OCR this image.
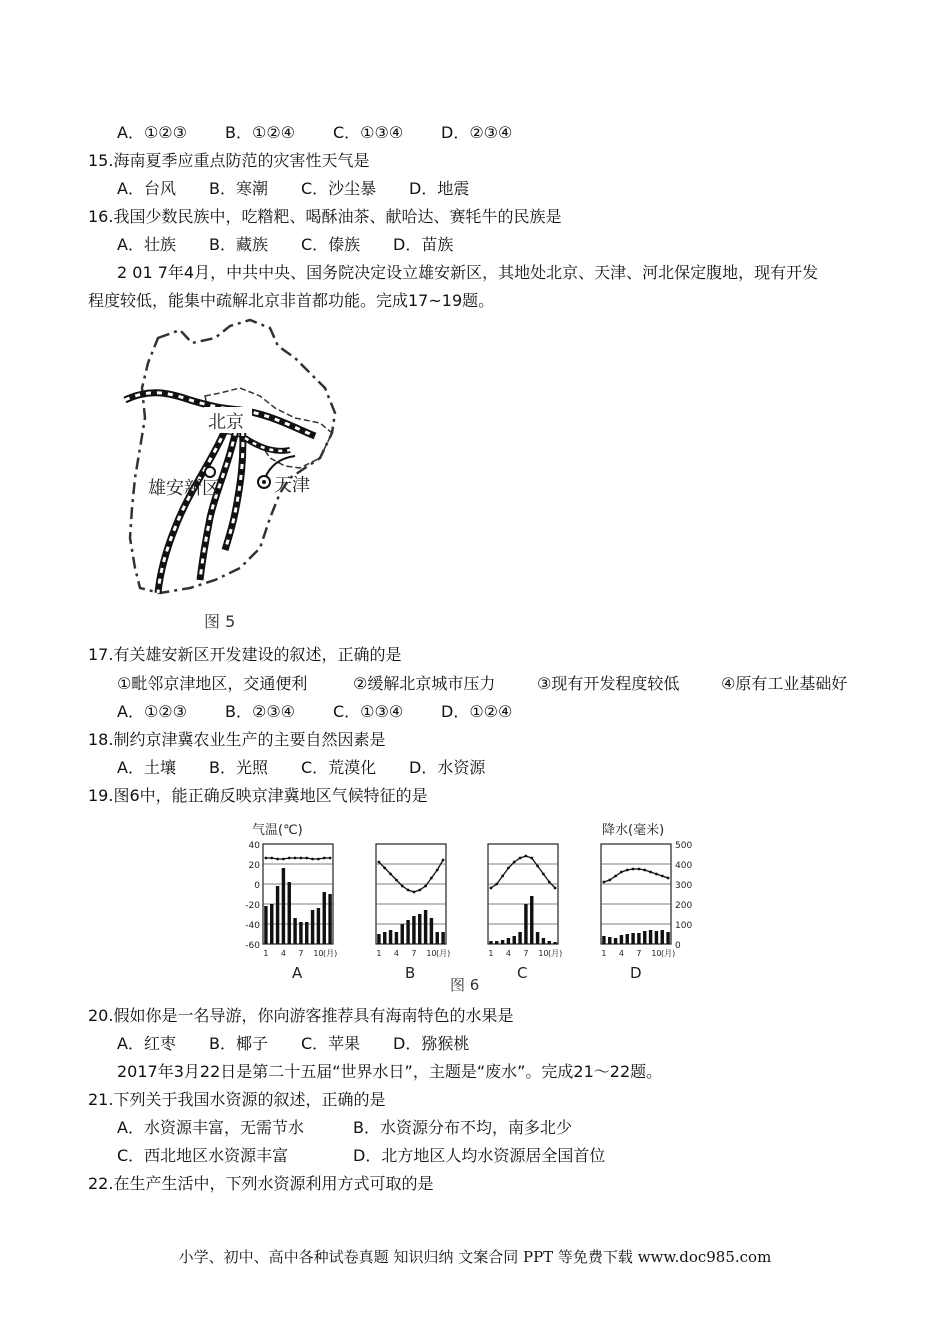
A．①②③ B．①②④ C．①③④ D．②③④
15.海南夏季应重点防范的灾害性天气是
A．台风 B．寒潮 C．沙尘暴 D．地震
16.我国少数民族中，吃糌粑、喝酥油茶、献哈达、赛牦牛的民族是
A．壮族 B．藏族 C．傣族 D．苗族
2 01 7年4月，中共中央、国务院决定设立雄安新区，其地处北京、天津、河北保定腹地，现有开发
程度较低，能集中疏解北京非首都功能。完成17~19题。
北京
雄安新区	天津
图 5
17.有关雄安新区开发建设的叙述，正确的是
①毗邻京津地区，交通便利	②缓解北京城市压力	③现有开发程度较低	④原有工业基础好
A．①②③ B．②③④ C．①③④ D．①②④
18.制约京津冀农业生产的主要自然因素是
A．土壤 B．光照 C．荒漠化 D．水资源
19.图6中，能正确反映京津冀地区气候特征的是
气温(℃)	降水(毫米)
40
20
0
-20
-40
-60
500
400
300
200
100
0
1 4 7 10 (月)
A
1 4 7 10 (月)
B
1 4 7 10 (月)
C
1 4 7 10 (月)
D
图 6
20.假如你是一名导游，你向游客推荐具有海南特色的水果是
A．红枣 B．椰子 C．苹果 D．猕猴桃
2017年3月22日是第二十五届“世界水日”，主题是“废水”。完成21～22题。
21.下列关于我国水资源的叙述，正确的是
A．水资源丰富，无需节水	B．水资源分布不均，南多北少
C．西北地区水资源丰富	D．北方地区人均水资源居全国首位
22.在生产生活中，下列水资源利用方式可取的是
小学、初中、高中各种试卷真题 知识归纳 文案合同 PPT 等免费下载 www.doc985.com
